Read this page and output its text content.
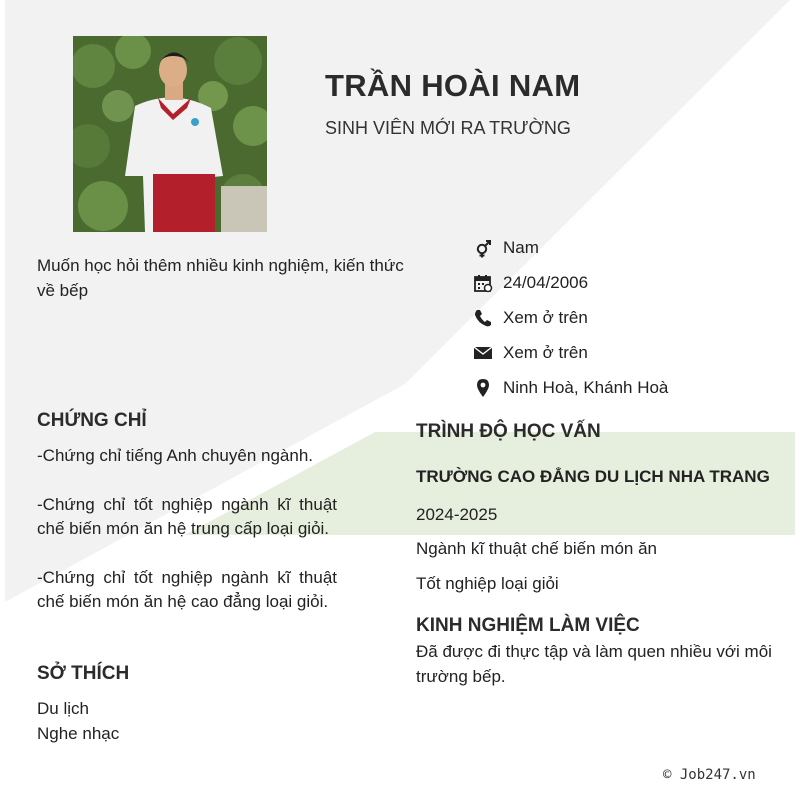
TRẦN HOÀI NAM
SINH VIÊN MỚI RA TRƯỜNG
Muốn học hỏi thêm nhiều kinh nghiệm, kiến thức về bếp
Nam
24/04/2006
Xem ở trên
Xem ở trên
Ninh Hoà, Khánh Hoà
CHỨNG CHỈ
-Chứng chỉ tiếng Anh chuyên ngành.
-Chứng chỉ tốt nghiệp ngành kĩ thuật chế biến món ăn hệ trung cấp loại giỏi.
-Chứng chỉ tốt nghiệp ngành kĩ thuật chế biến món ăn hệ cao đẳng loại giỏi.
SỞ THÍCH
Du lịch
Nghe nhạc
TRÌNH ĐỘ HỌC VẤN
TRƯỜNG CAO ĐẲNG DU LỊCH NHA TRANG
2024-2025
Ngành kĩ thuật chế biến món ăn
Tốt nghiệp loại giỏi
KINH NGHIỆM LÀM VIỆC
Đã được đi thực tập và làm quen nhiều với môi trường bếp.
© Job247.vn
